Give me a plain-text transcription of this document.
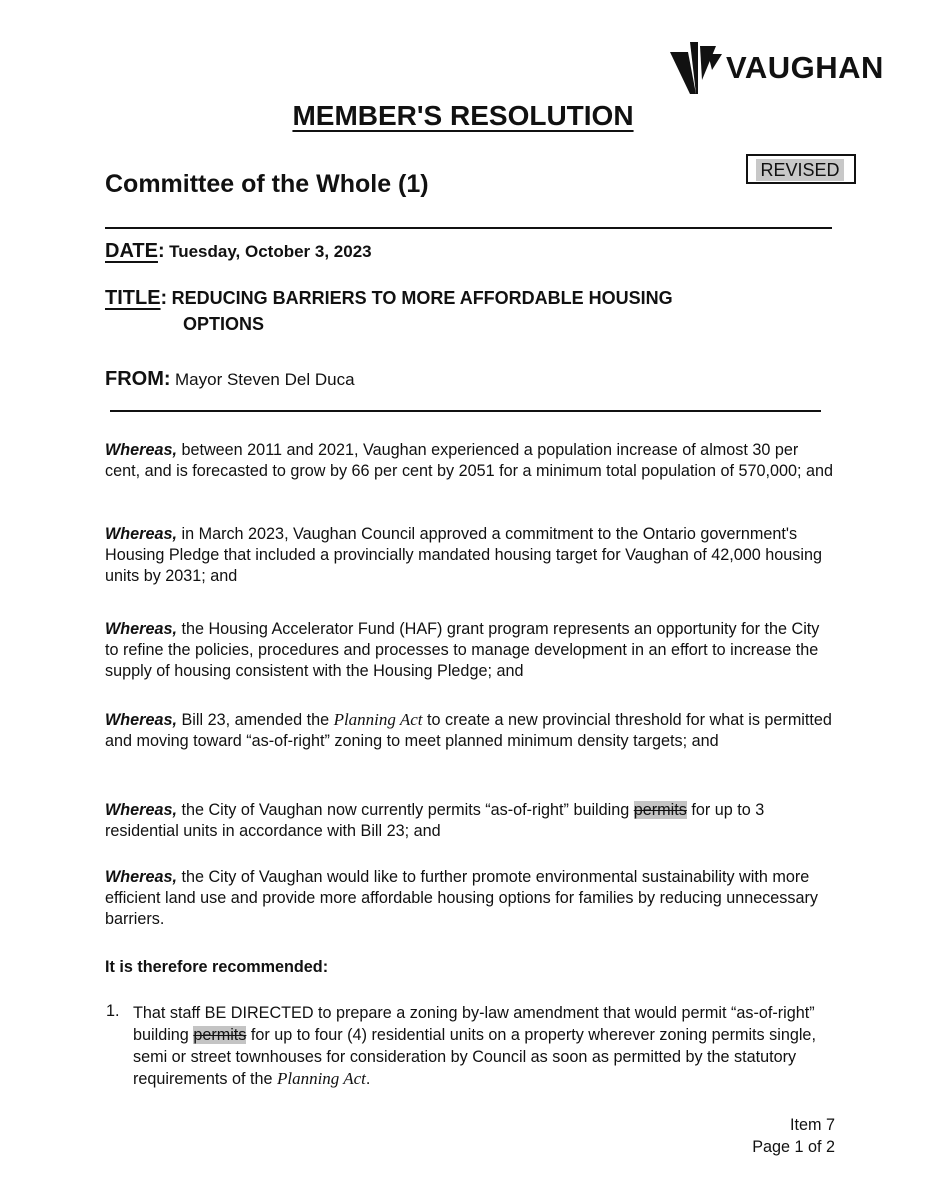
VAUGHAN
MEMBER'S RESOLUTION
REVISED
Committee of the Whole (1)
DATE: Tuesday, October 3, 2023
TITLE: REDUCING BARRIERS TO MORE AFFORDABLE HOUSING
OPTIONS
FROM: Mayor Steven Del Duca

Whereas, between 2011 and 2021, Vaughan experienced a population increase of almost 30 per cent, and is forecasted to grow by 66 per cent by 2051 for a minimum total population of 570,000; and

Whereas, in March 2023, Vaughan Council approved a commitment to the Ontario government's Housing Pledge that included a provincially mandated housing target for Vaughan of 42,000 housing units by 2031; and

Whereas, the Housing Accelerator Fund (HAF) grant program represents an opportunity for the City to refine the policies, procedures and processes to manage development in an effort to increase the supply of housing consistent with the Housing Pledge; and

Whereas, Bill 23, amended the Planning Act to create a new provincial threshold for what is permitted and moving toward “as-of-right” zoning to meet planned minimum density targets; and

Whereas, the City of Vaughan now currently permits “as-of-right” building permits for up to 3 residential units in accordance with Bill 23; and

Whereas, the City of Vaughan would like to further promote environmental sustainability with more efficient land use and provide more affordable housing options for families by reducing unnecessary barriers.

It is therefore recommended:
1. That staff BE DIRECTED to prepare a zoning by-law amendment that would permit “as-of-right” building permits for up to four (4) residential units on a property wherever zoning permits single, semi or street townhouses for consideration by Council as soon as permitted by the statutory requirements of the Planning Act.
Item 7
Page 1 of 2
